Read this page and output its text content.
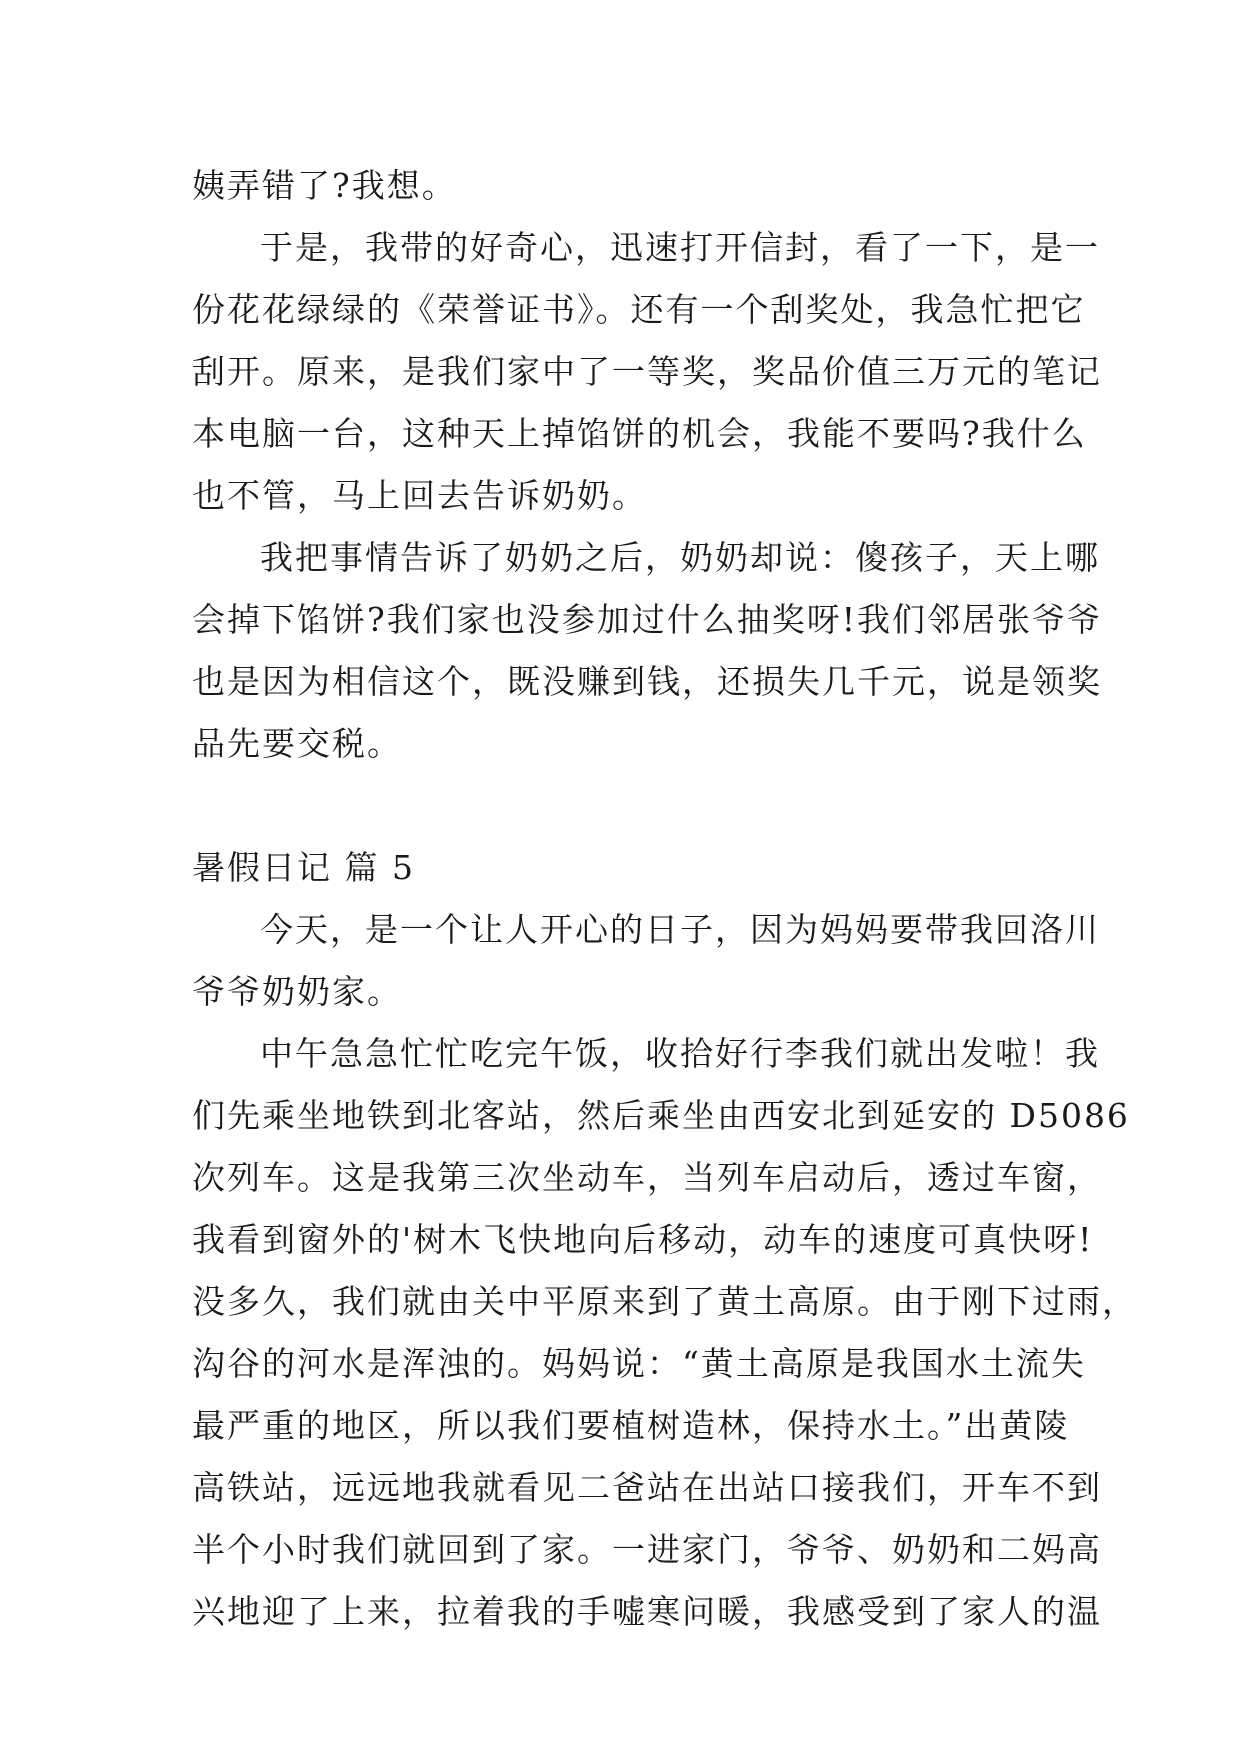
姨弄错了?我想。
于是，我带的好奇心，迅速打开信封，看了一下，是一
份花花绿绿的《荣誉证书》。还有一个刮奖处，我急忙把它
刮开。原来，是我们家中了一等奖，奖品价值三万元的笔记
本电脑一台，这种天上掉馅饼的机会，我能不要吗?我什么
也不管，马上回去告诉奶奶。
我把事情告诉了奶奶之后，奶奶却说：傻孩子，天上哪
会掉下馅饼?我们家也没参加过什么抽奖呀!我们邻居张爷爷
也是因为相信这个，既没赚到钱，还损失几千元，说是领奖
品先要交税。
暑假日记 篇 5
今天，是一个让人开心的日子，因为妈妈要带我回洛川
爷爷奶奶家。
中午急急忙忙吃完午饭，收拾好行李我们就出发啦！我
们先乘坐地铁到北客站，然后乘坐由西安北到延安的 D5086
次列车。这是我第三次坐动车，当列车启动后，透过车窗，
我看到窗外的'树木飞快地向后移动，动车的速度可真快呀!
没多久，我们就由关中平原来到了黄土高原。由于刚下过雨，
沟谷的河水是浑浊的。妈妈说：“黄土高原是我国水土流失
最严重的地区，所以我们要植树造林，保持水土。”出黄陵
高铁站，远远地我就看见二爸站在出站口接我们，开车不到
半个小时我们就回到了家。一进家门，爷爷、奶奶和二妈高
兴地迎了上来，拉着我的手嘘寒问暖，我感受到了家人的温
